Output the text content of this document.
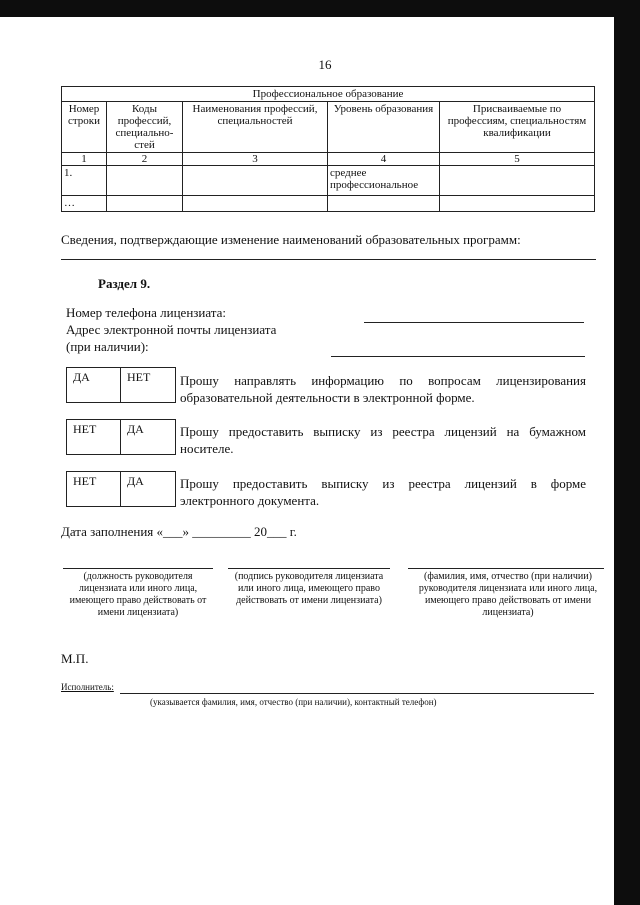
16
Профессиональное образование				
Номер строки	Коды профессий, специально-стей	Наименования профессий, специальностей	Уровень образования	Присваиваемые по профессиям, специальностям квалификации
1	2	3	4	5
1.			среднее профессиональное	
…				
Сведения, подтверждающие изменение наименований образовательных программ:
Раздел 9.
Номер телефона лицензиата:
Адрес электронной почты лицензиата
(при наличии):
ДА	НЕТ	Прошу направлять информацию по вопросам лицензирования образовательной деятельности в электронной форме.
НЕТ	ДА	Прошу предоставить выписку из реестра лицензий на бумажном носителе.
НЕТ	ДА	Прошу предоставить выписку из реестра лицензий в форме электронного документа.
Дата заполнения «___» _________ 20___ г.
(должность руководителя лицензиата или иного лица, имеющего право действовать от имени лицензиата)
(подпись руководителя лицензиата или иного лица, имеющего право действовать от имени лицензиата)
(фамилия, имя, отчество (при наличии) руководителя лицензиата или иного лица, имеющего право действовать от имени лицензиата)
М.П.
Исполнитель:
(указывается фамилия, имя, отчество (при наличии), контактный телефон)
